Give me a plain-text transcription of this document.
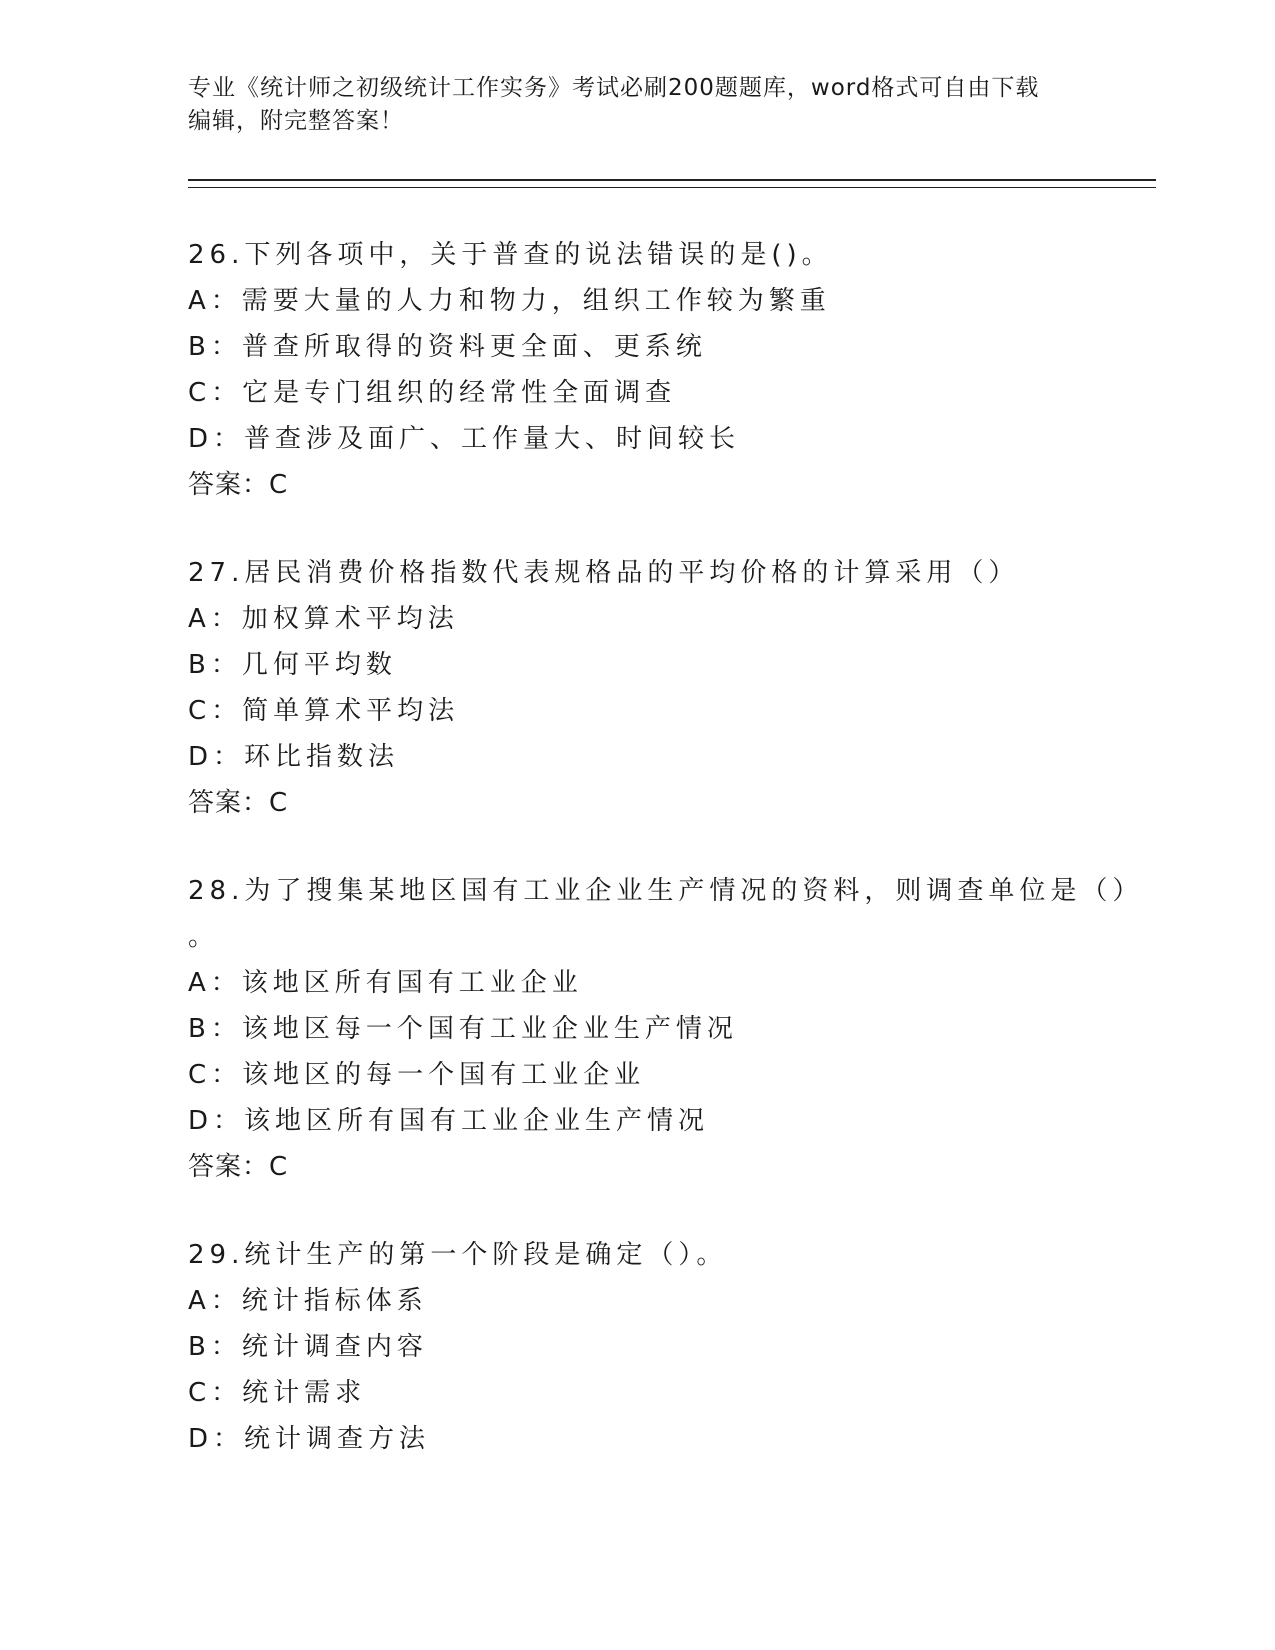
专业《统计师之初级统计工作实务》考试必刷200题题库，word格式可自由下载
编辑，附完整答案！
26.下列各项中，关于普查的说法错误的是()。
A：需要大量的人力和物力，组织工作较为繁重
B：普查所取得的资料更全面、更系统
C：它是专门组织的经常性全面调查
D：普查涉及面广、工作量大、时间较长
答案：C
27.居民消费价格指数代表规格品的平均价格的计算采用（）
A：加权算术平均法
B：几何平均数
C：简单算术平均法
D：环比指数法
答案：C
28.为了搜集某地区国有工业企业生产情况的资料，则调查单位是（）
。
A：该地区所有国有工业企业
B：该地区每一个国有工业企业生产情况
C：该地区的每一个国有工业企业
D：该地区所有国有工业企业生产情况
答案：C
29.统计生产的第一个阶段是确定（）。
A：统计指标体系
B：统计调查内容
C：统计需求
D：统计调查方法
